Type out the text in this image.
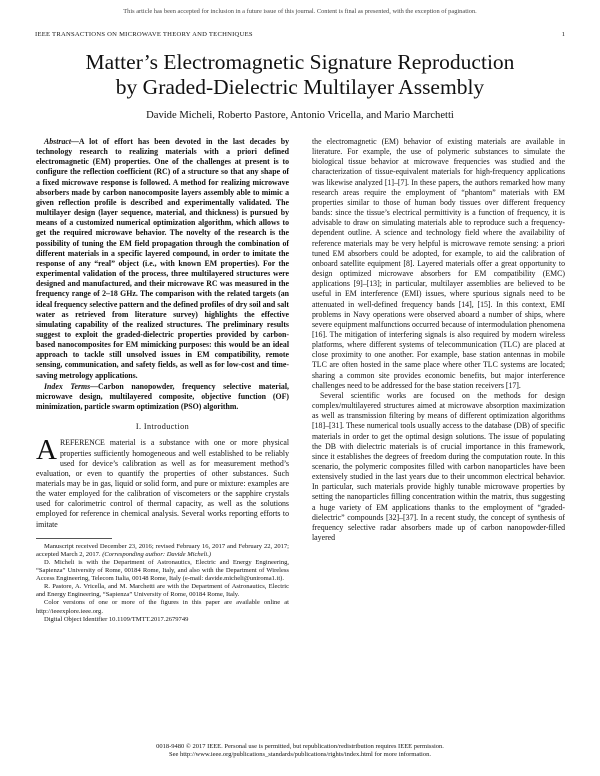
This article has been accepted for inclusion in a future issue of this journal. Content is final as presented, with the exception of pagination.
IEEE TRANSACTIONS ON MICROWAVE THEORY AND TECHNIQUES	1
Matter’s Electromagnetic Signature Reproduction
by Graded-Dielectric Multilayer Assembly
Davide Micheli, Roberto Pastore, Antonio Vricella, and Mario Marchetti

Abstract—A lot of effort has been devoted in the last decades by technology research to realizing materials with a priori defined electromagnetic (EM) properties. One of the challenges at present is to configure the reflection coefficient (RC) of a structure so that any shape of a fixed microwave response is followed. A method for realizing microwave absorbers made by carbon nanocomposite layers assembly able to mimic a given reflection profile is described and experimentally validated. The multilayer design (layer sequence, material, and thickness) is pursued by means of a customized numerical optimization algorithm, which allows to get the required microwave behavior. The novelty of the research is the possibility of tuning the EM field propagation through the combination of different materials in a specific layered compound, in order to imitate the response of any “real” object (i.e., with known EM properties). For the experimental validation of the process, three multilayered structures were designed and manufactured, and their microwave RC was measured in the frequency range of 2–18 GHz. The comparison with the related targets (an ideal frequency selective pattern and the defined profiles of dry soil and salt water as retrieved from literature survey) highlights the effective simulating capability of the realized structures. The preliminary results suggest to exploit the graded-dielectric properties provided by carbon-based nanocomposites for EM mimicking purposes: this would be an ideal approach to tackle still unsolved issues in EM compatibility, remote sensing, communication, and safety fields, as well as for low-cost and time-saving metrology applications.

Index Terms—Carbon nanopowder, frequency selective material, microwave design, multilayered composite, objective function (OF) minimization, particle swarm optimization (PSO) algorithm.

I. Introduction

A REFERENCE material is a substance with one or more physical properties sufficiently homogeneous and well established to be reliably used for device’s calibration as well as for measurement method’s evaluation, or even to quantify the properties of other substances. Such materials may be in gas, liquid or solid form, and pure or mixture: examples are the water employed for the calibration of viscometers or the sapphire crystals used for calorimetric control of thermal capacity, as well as the solutions employed for reference in chemical analysis. Several works reporting efforts to imitate

Manuscript received December 23, 2016; revised February 16, 2017 and February 22, 2017; accepted March 2, 2017. (Corresponding author: Davide Micheli.)

D. Micheli is with the Department of Astronautics, Electric and Energy Engineering, “Sapienza” University of Rome, 00184 Rome, Italy, and also with the Department of Wireless Access Engineering, Telecom Italia, 00148 Rome, Italy (e-mail: davide.micheli@uniroma1.it).

R. Pastore, A. Vricella, and M. Marchetti are with the Department of Astronautics, Electric and Energy Engineering, “Sapienza” University of Rome, 00184 Rome, Italy.

Color versions of one or more of the figures in this paper are available online at http://ieeexplore.ieee.org.

Digital Object Identifier 10.1109/TMTT.2017.2679749

the electromagnetic (EM) behavior of existing materials are available in literature. For example, the use of polymeric substances to simulate the biological tissue behavior at microwave frequencies was studied and the characterization of tissue-equivalent materials for high-frequency applications was likewise analyzed [1]–[7]. In these papers, the authors remarked how many research areas require the employment of “phantom” materials with EM properties similar to those of human body tissues over different frequency bands: since the tissue’s electrical permittivity is a function of frequency, it is advisable to draw on simulating materials able to reproduce such a frequency-dependent outline. A science and technology field where the availability of reference materials may be very helpful is microwave remote sensing: a priori tuned EM absorbers could be adopted, for example, to aid the calibration of onboard satellite equipment [8]. Layered materials offer a great opportunity to design optimized microwave absorbers for EM compatibility (EMC) applications [9]–[13]; in particular, multilayer assemblies are believed to be useful in EM interference (EMI) issues, where spurious signals need to be attenuated in well-defined frequency bands [14], [15]. In this context, EMI problems in Navy operations were observed aboard a number of ships, where severe equipment malfunctions occurred because of intermodulation phenomena [16]. The mitigation of interfering signals is also required by modern wireless platforms, where different systems of telecommunication (TLC) are placed at close proximity to one another. For example, base station antennas in mobile TLC are often hosted in the same place where other TLC systems are located; sharing a common site provides economic benefits, but major interference challenges need to be addressed for the base station receivers [17].

Several scientific works are focused on the methods for design complex/multilayered structures aimed at microwave absorption maximization as well as transmission filtering by means of different optimization algorithms [18]–[31]. These numerical tools usually access to the database (DB) of specific materials in order to get the optimal design solutions. The issue of populating the DB with dielectric materials is of crucial importance in this framework, since it establishes the degrees of freedom during the computation route. In this scenario, the polymeric composites filled with carbon nanoparticles have been extensively studied in the last years due to their uncommon electrical behavior. In particular, such materials provide highly tunable microwave properties by setting the nanoparticles filling concentration within the matrix, thus suggesting a huge variety of EM applications thanks to the employment of “graded-dielectric” compounds [32]–[37]. In a recent study, the concept of synthesis of frequency selective radar absorbers made up of carbon nanopowder-filled layered

0018-9480 © 2017 IEEE. Personal use is permitted, but republication/redistribution requires IEEE permission.
See http://www.ieee.org/publications_standards/publications/rights/index.html for more information.
